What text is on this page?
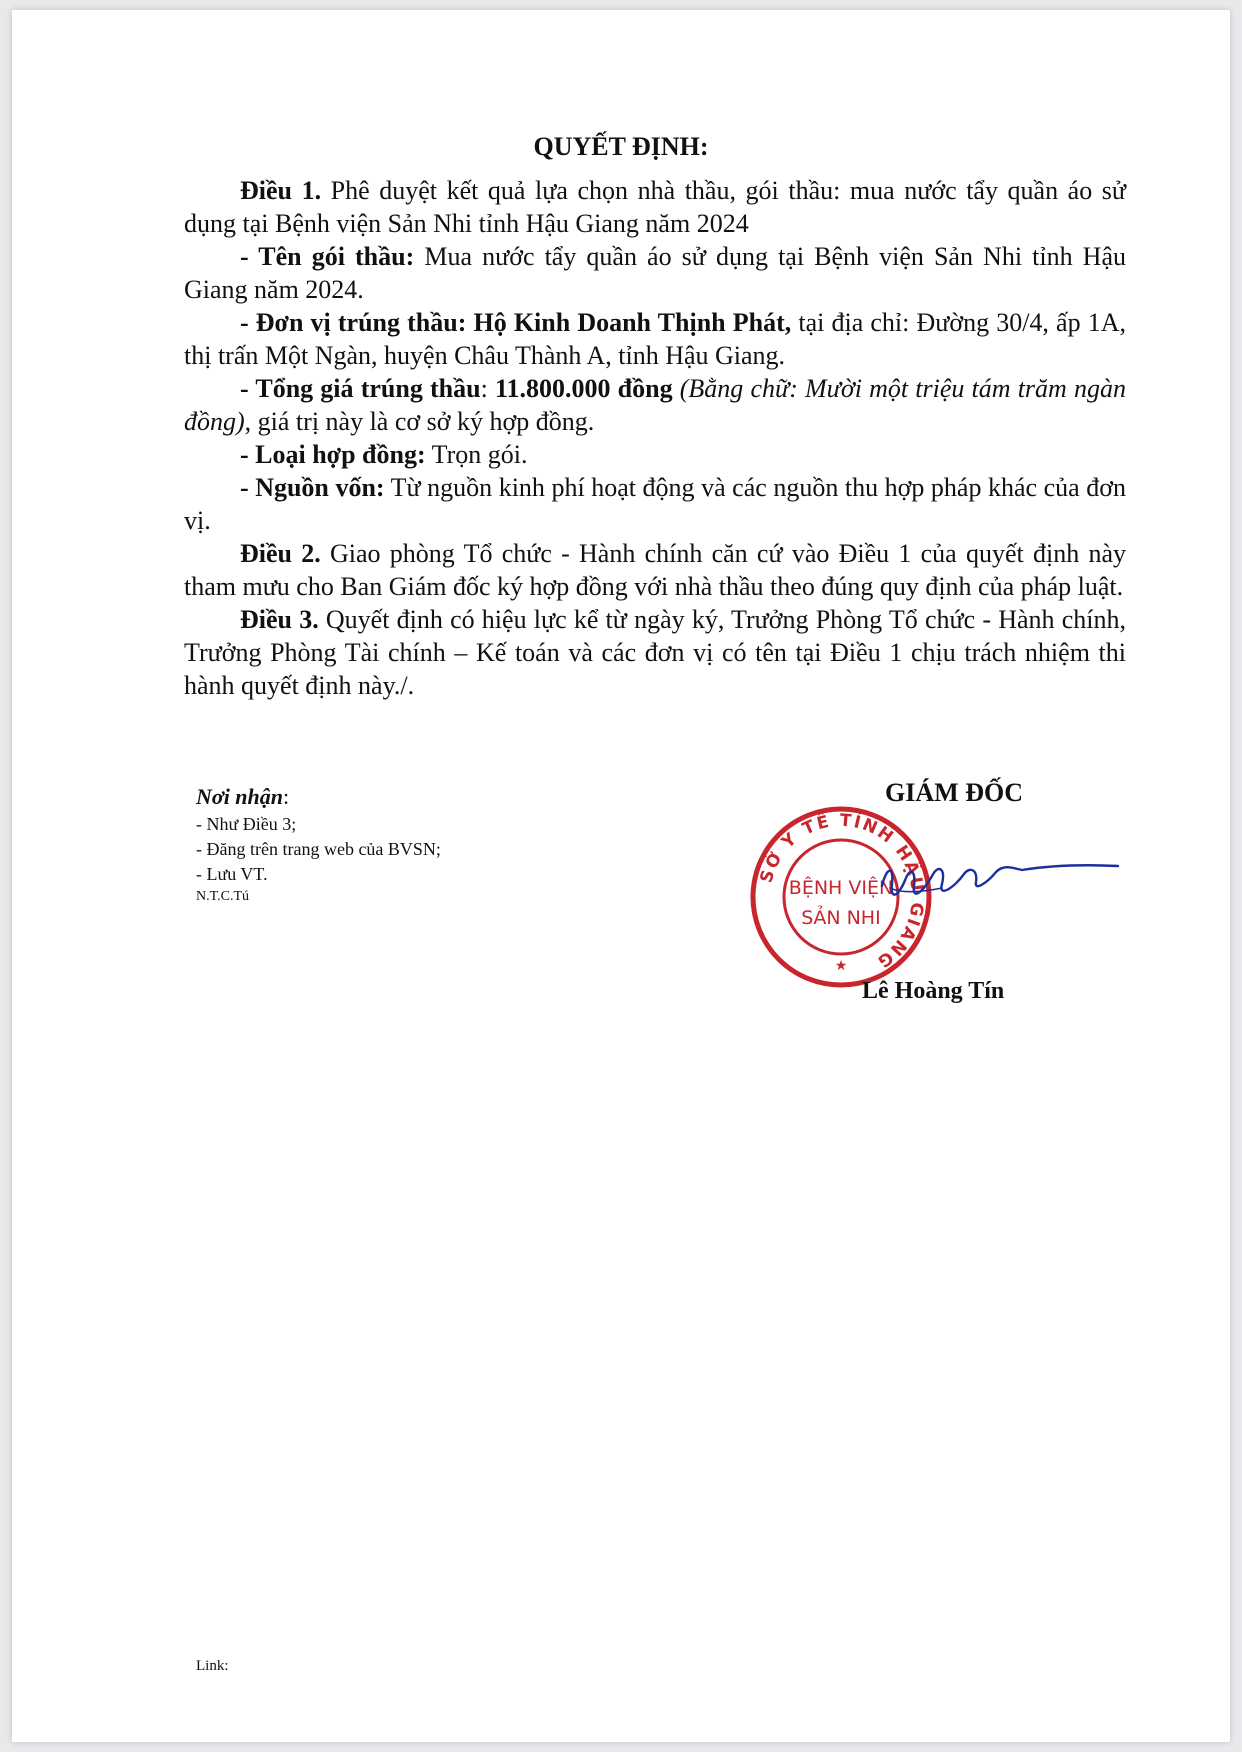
QUYẾT ĐỊNH:

Điều 1. Phê duyệt kết quả lựa chọn nhà thầu, gói thầu: mua nước tẩy quần áo sử dụng tại Bệnh viện Sản Nhi tỉnh Hậu Giang năm 2024

- Tên gói thầu: Mua nước tẩy quần áo sử dụng tại Bệnh viện Sản Nhi tỉnh Hậu Giang năm 2024.

- Đơn vị trúng thầu: Hộ Kinh Doanh Thịnh Phát, tại địa chỉ: Đường 30/4, ấp 1A, thị trấn Một Ngàn, huyện Châu Thành A, tỉnh Hậu Giang.

- Tổng giá trúng thầu: 11.800.000 đồng (Bằng chữ: Mười một triệu tám trăm ngàn đồng), giá trị này là cơ sở ký hợp đồng.

- Loại hợp đồng: Trọn gói.

- Nguồn vốn: Từ nguồn kinh phí hoạt động và các nguồn thu hợp pháp khác của đơn vị.

Điều 2. Giao phòng Tổ chức - Hành chính căn cứ vào Điều 1 của quyết định này tham mưu cho Ban Giám đốc ký hợp đồng với nhà thầu theo đúng quy định của pháp luật.

Điều 3. Quyết định có hiệu lực kể từ ngày ký, Trưởng Phòng Tổ chức - Hành chính, Trưởng Phòng Tài chính – Kế toán và các đơn vị có tên tại Điều 1 chịu trách nhiệm thi hành quyết định này./.

Nơi nhận:
- Như Điều 3;
- Đăng trên trang web của BVSN;
- Lưu VT.
N.T.C.Tú
GIÁM ĐỐC
SỞ Y TẾ TỈNH HẬU GIANG
★
BỆNH VIỆN
SẢN NHI
Lê Hoàng Tín
Link:
